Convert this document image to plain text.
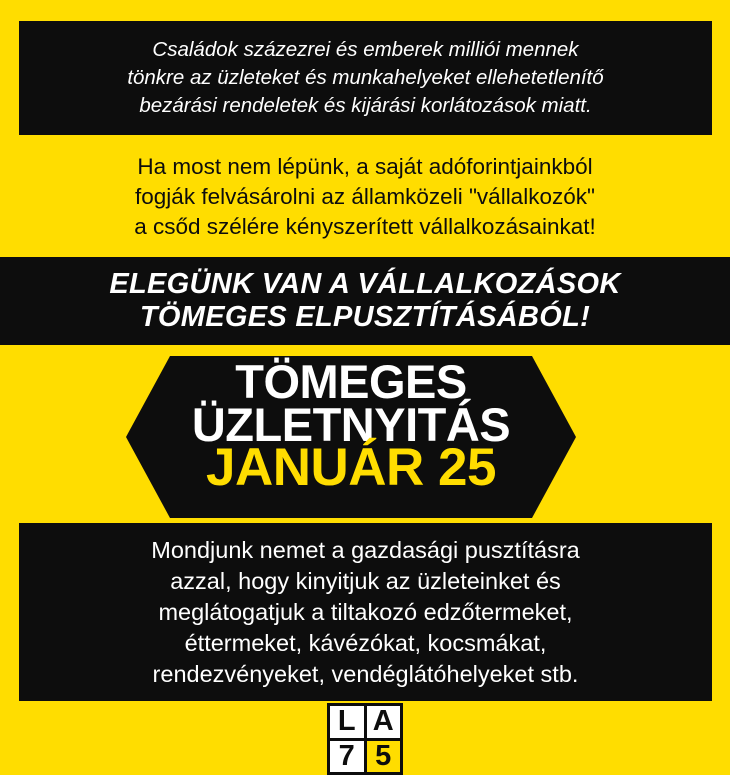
Családok százezrei és emberek milliói mennek
tönkre az üzleteket és munkahelyeket ellehetetlenítő
bezárási rendeletek és kijárási korlátozások miatt.
Ha most nem lépünk, a saját adóforintjainkból
fogják felvásárolni az államközeli "vállalkozók"
a csőd szélére kényszerített vállalkozásainkat!
ELEGÜNK VAN A VÁLLALKOZÁSOK
TÖMEGES ELPUSZTÍTÁSÁBÓL!
TÖMEGES
ÜZLETNYITÁS
JANUÁR 25
Mondjunk nemet a gazdasági pusztításra
azzal, hogy kinyitjuk az üzleteinket és
meglátogatjuk a tiltakozó edzőtermeket,
éttermeket, kávézókat, kocsmákat,
rendezvényeket, vendéglátóhelyeket stb.
L A
7 5
